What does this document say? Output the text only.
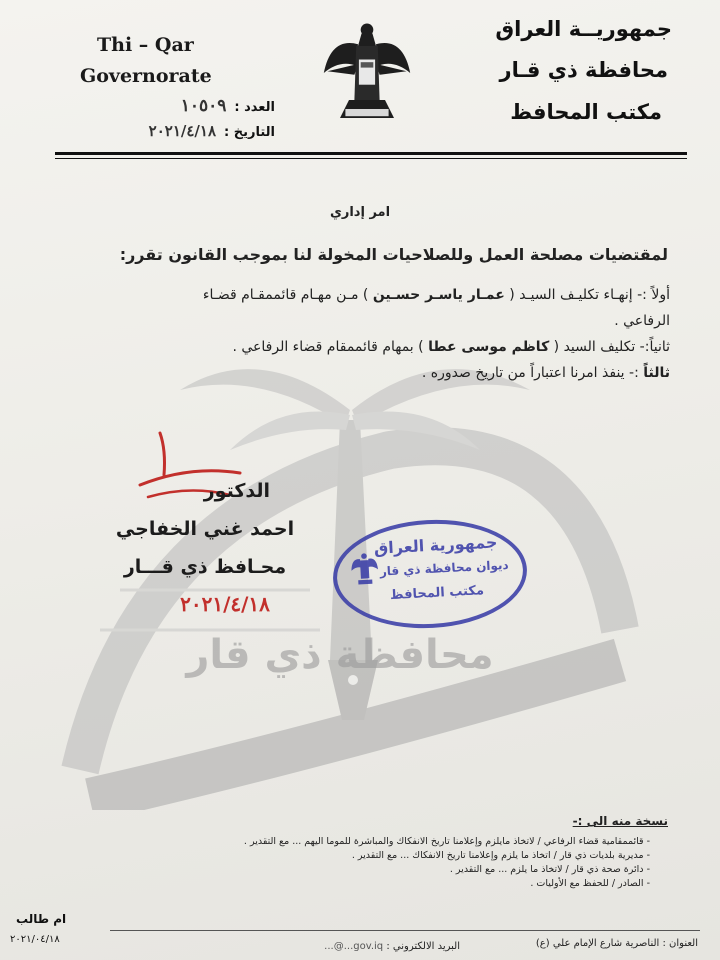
محافظة ذي قار
Thi – Qar
Governorate
العدد :
١٠٥٠٩
التاريخ :
٢٠٢١/٤/١٨
جمهوريــة العراق
محافظة ذي قـار
مكتب المحافظ
امر إداري
لمقتضيات مصلحة العمل وللصلاحيات المخولة لنا بموجب القانون تقرر:
أولاً :- إنهـاء تكليـف السيـد ( عمـار ياسـر حسـين ) مـن مهـام قائممقـام قضـاء
الرفاعي .
ثانياً:- تكليف السيد ( كاظم موسى عطا ) بمهام قائممقام قضاء الرفاعي .
ثالثاً :- ينفذ امرنا اعتباراً من تاريخ صدوره .
الدكتور
احمد غني الخفاجي
محـافظ ذي قـــار
٢٠٢١/٤/١٨
جمهورية العراق
ديوان محافظة ذي قار
مكتب المحافظ
نسخة منه الى :-
- قائممقامية قضاء الرفاعي / لاتخاذ مايلزم وإعلامنا تاريخ الانفكاك والمباشرة للموما اليهم ... مع التقدير .
- مديرية بلديات ذي قار / اتخاذ ما يلزم وإعلامنا تاريخ الانفكاك ... مع التقدير .
- دائرة صحة ذي قار / لاتخاذ ما يلزم ... مع التقدير .
- الصادر / للحفظ مع الأوليات .
ام طالب
٢٠٢١/٠٤/١٨	العنوان : الناصرية شارع الإمام علي (ع)
البريد الالكتروني : ...@...gov.iq
